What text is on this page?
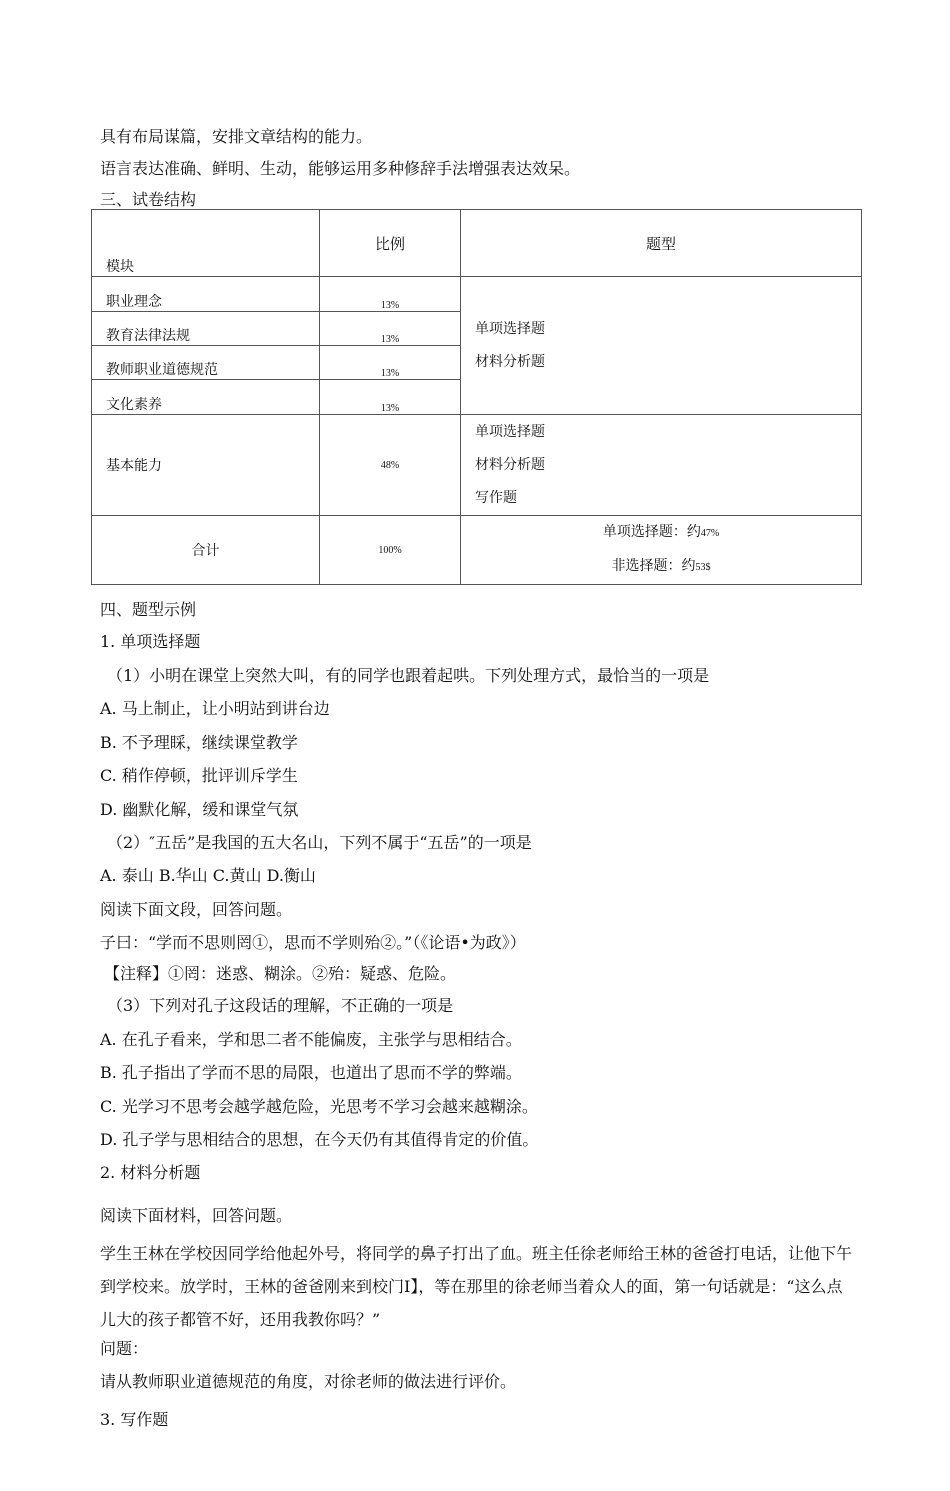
具有布局谋篇，安排文章结构的能力。
语言表达准确、鲜明、生动，能够运用多种修辞手法增强表达效呆。
三、试卷结构
模块	比例	题型
职业理念	13%	单项选择题
材料分析题

教育法律法规	13%	
教师职业道德规范	13%	
文化素养	13%	
基本能力	48%	单项选择题
材料分析题
写作题

合计	100%	单项选择题：约47%
非选择题：约53$
四、题型示例
1. 单项选择题
（1）小明在课堂上突然大叫，有的同学也跟着起哄。下列处理方式，最恰当的一项是
A. 马上制止，让小明站到讲台边
B. 不予理睬，继续课堂教学
C. 稍作停顿，批评训斥学生
D. 幽默化解，缓和课堂气氛
（2）″五岳”是我国的五大名山，下列不属于“五岳”的一项是
A. 泰山 B.华山 C.黄山 D.衡山
阅读下面文段，回答问题。
子曰：“学而不思则罔①，思而不学则殆②。”（《论语•为政》）
【注释】①罔：迷惑、糊涂。②殆：疑惑、危险。
（3）下列对孔子这段话的理解，不正确的一项是
A. 在孔子看来，学和思二者不能偏废，主张学与思相结合。
B. 孔子指出了学而不思的局限，也道出了思而不学的弊端。
C. 光学习不思考会越学越危险，光思考不学习会越来越糊涂。
D. 孔子学与思相结合的思想，在今天仍有其值得肯定的价值。
2. 材料分析题
阅读下面材料，回答问题。
学生王林在学校因同学给他起外号，将同学的鼻子打出了血。班主任徐老师给王林的爸爸打电话，让他下午到学校来。放学时，王林的爸爸刚来到校门I】，等在那里的徐老师当着众人的面，第一句话就是：“这么点儿大的孩子都管不好，还用我教你吗？”
问题：
请从教师职业道德规范的角度，对徐老师的做法进行评价。
3. 写作题
